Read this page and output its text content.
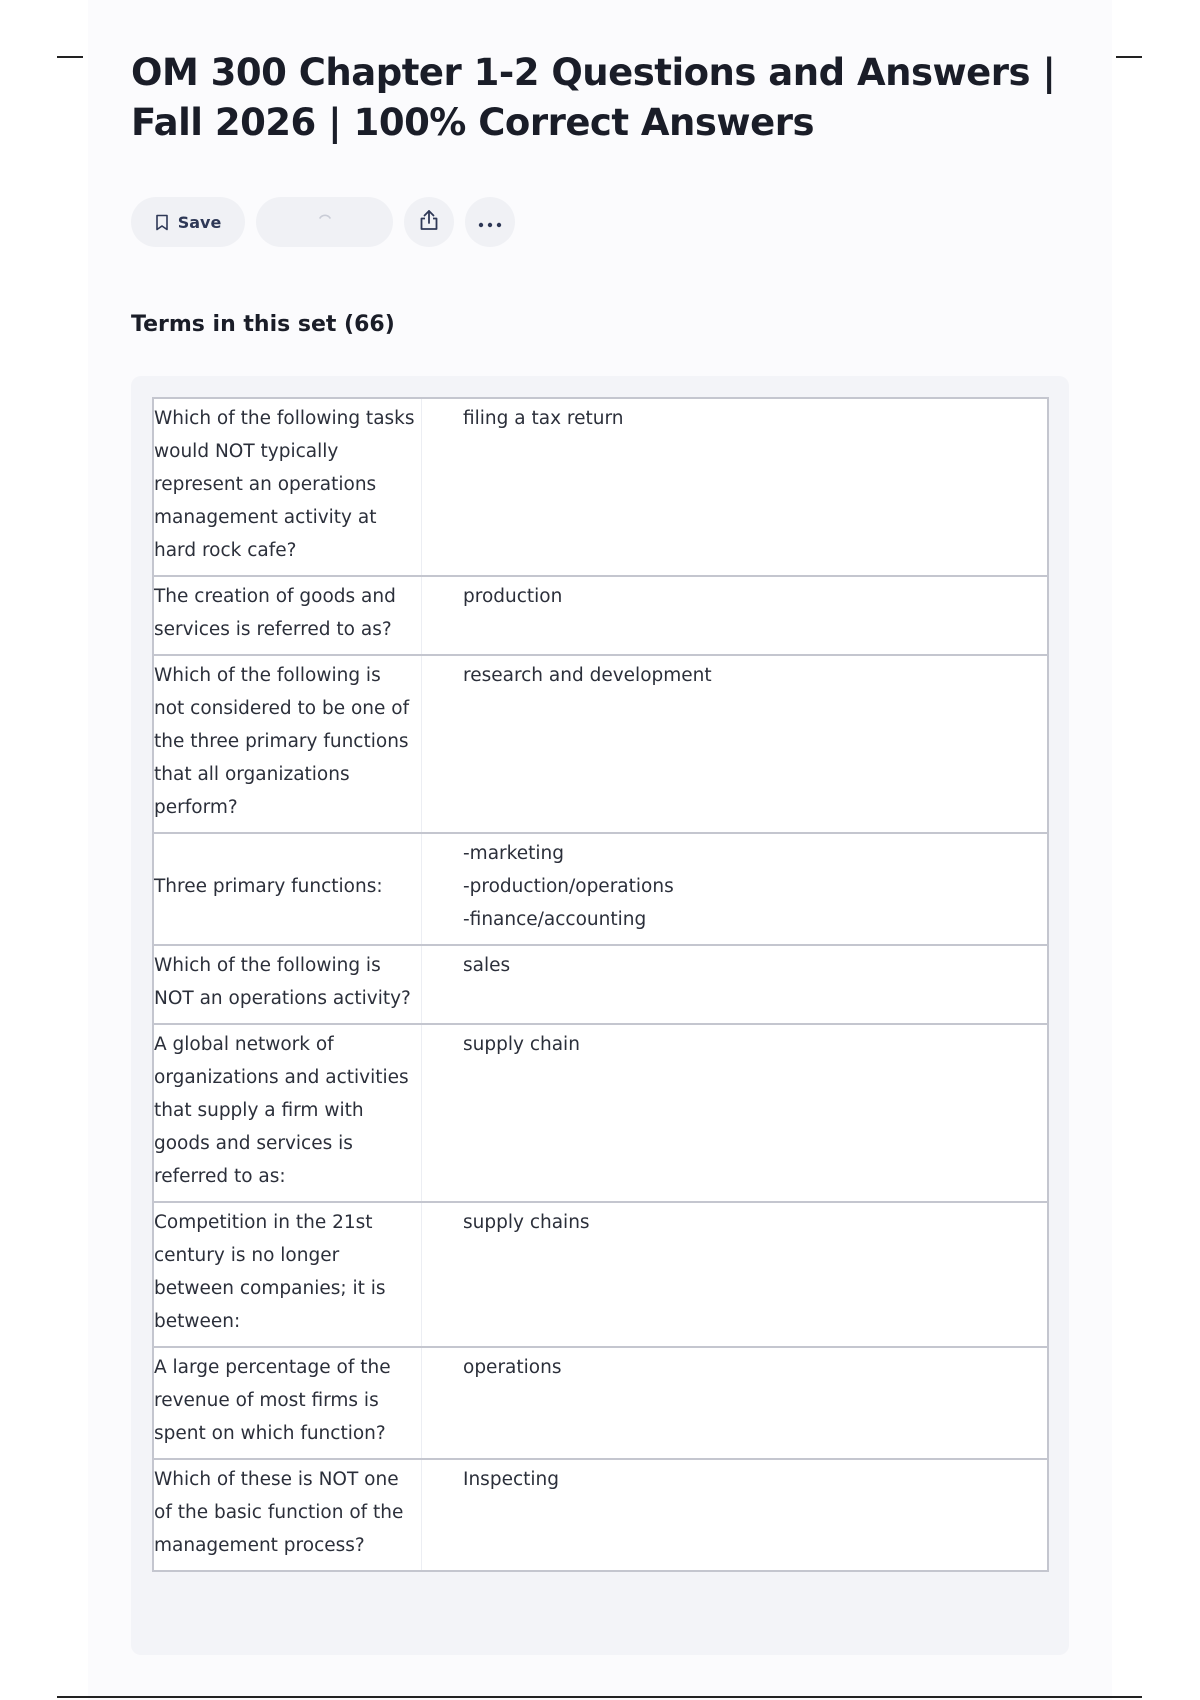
OM 300 Chapter 1-2 Questions and Answers | Fall 2026 | 100% Correct Answers
Save
Terms in this set (66)
Which of the following tasks would NOT typically represent an operations management activity at hard rock cafe?
filing a tax return
The creation of goods and services is referred to as?
production
Which of the following is not considered to be one of the three primary functions that all organizations perform?
research and development
Three primary functions:
-marketing
-production/operations
-finance/accounting
Which of the following is NOT an operations activity?
sales
A global network of organizations and activities that supply a firm with goods and services is referred to as:
supply chain
Competition in the 21st century is no longer between companies; it is between:
supply chains
A large percentage of the revenue of most firms is spent on which function?
operations
Which of these is NOT one of the basic function of the management process?
Inspecting
